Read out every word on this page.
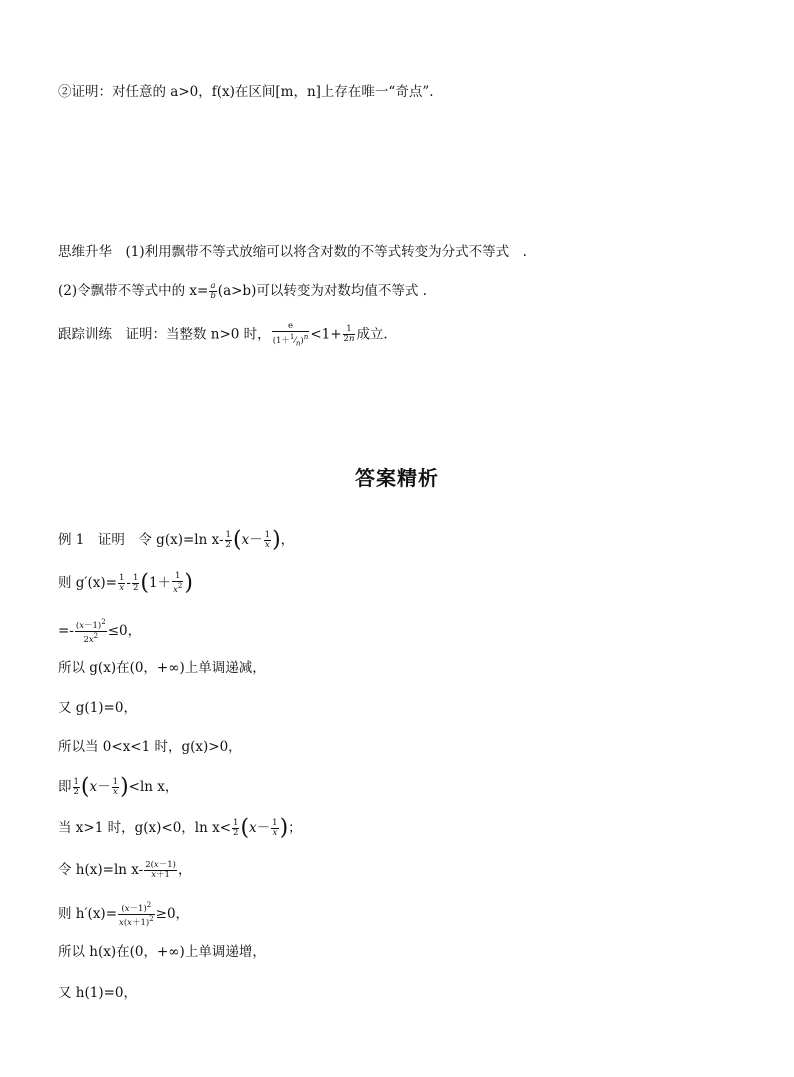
②证明：对任意的 a>0，f(x)在区间[m，n]上存在唯一“奇点”.
思维升华　(1)利用飘带不等式放缩可以将含对数的不等式转变为分式不等式　.
(2)令飘带不等式中的 $x= \frac{a}{b} (a>b)$可以转变为对数均值不等式 .
跟踪训练　证明：当整数 n>0 时， $\frac{e}{(1+^1⁄_n)^n} <1+ \frac{1}{2n}$ 成立.
答案精析
例 1　证明　令 g(x)=ln $x- \frac{1}{2} (x- \frac{1}{x}$ )，
则 $g'(x)= \frac{1}{x} - \frac{1}{2} (1+ \frac{1}{x^2}$ )
=- $\frac{(x-1)^2}{2x^2} \le 0$，
所以 g(x)在(0，+∞)上单调递减，
又 g(1)=0，
所以当 0<x<1 时，g(x)>0，
即 $\frac{1}{2} (x- \frac{1}{x} )<\ln$ x，
当 x>1 时，g(x)<0，$\ln x< \frac{1}{2} (x- \frac{1}{x}$ )；
令 h(x)=ln $x- \frac{2(x-1)}{x+1}$ ，
则 $h'(x)= \frac{(x-1)^2}{x(x+1)^2} \ge 0$，
所以 h(x)在(0，+∞)上单调递增，
又 h(1)=0，
